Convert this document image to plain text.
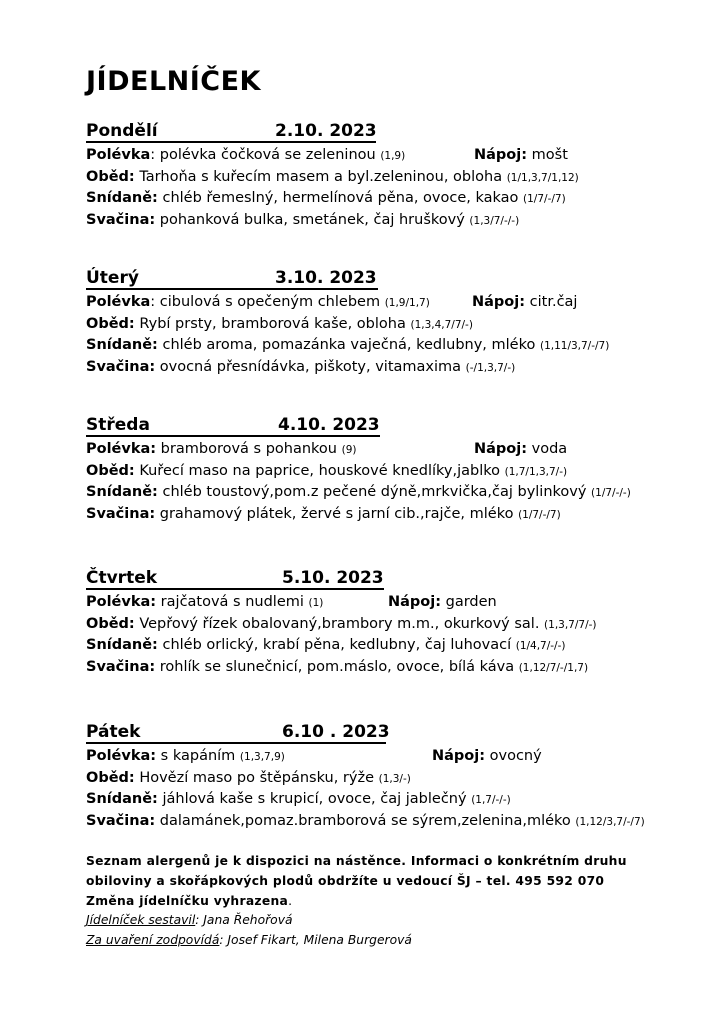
JÍDELNÍČEK
Pondělí	2.10. 2023
Polévka: polévka čočková se zeleninou (1,9)	Nápoj: mošt
Oběd: Tarhoňa s kuřecím masem a byl.zeleninou, obloha (1/1,3,7/1,12)
Snídaně: chléb řemeslný, hermelínová pěna, ovoce, kakao (1/7/-/7)
Svačina: pohanková bulka, smetánek, čaj hruškový (1,3/7/-/-)
Úterý	3.10. 2023
Polévka: cibulová s opečeným chlebem (1,9/1,7)	Nápoj: citr.čaj
Oběd: Rybí prsty, bramborová kaše, obloha (1,3,4,7/7/-)
Snídaně: chléb aroma, pomazánka vaječná, kedlubny, mléko (1,11/3,7/-/7)
Svačina: ovocná přesnídávka, piškoty, vitamaxima (-/1,3,7/-)
Středa	4.10. 2023
Polévka: bramborová s pohankou (9)	Nápoj: voda
Oběd: Kuřecí maso na paprice, houskové knedlíky,jablko (1,7/1,3,7/-)
Snídaně: chléb toustový,pom.z pečené dýně,mrkvička,čaj bylinkový (1/7/-/-)
Svačina: grahamový plátek, žervé s jarní cib.,rajče, mléko (1/7/-/7)
Čtvrtek	5.10. 2023
Polévka: rajčatová s nudlemi (1)	Nápoj: garden
Oběd: Vepřový řízek obalovaný,brambory m.m., okurkový sal. (1,3,7/7/-)
Snídaně: chléb orlický, krabí pěna, kedlubny, čaj luhovací (1/4,7/-/-)
Svačina: rohlík se slunečnicí, pom.máslo, ovoce, bílá káva (1,12/7/-/1,7)
Pátek	6.10 . 2023
Polévka: s kapáním (1,3,7,9)	Nápoj: ovocný
Oběd: Hovězí maso po štěpánsku, rýže (1,3/-)
Snídaně: jáhlová kaše s krupicí, ovoce, čaj jablečný (1,7/-/-)
Svačina: dalamánek,pomaz.bramborová se sýrem,zelenina,mléko (1,12/3,7/-/7)
Seznam alergenů je k dispozici na nástěnce. Informaci o konkrétním druhu
obiloviny a skořápkových plodů obdržíte u vedoucí ŠJ – tel. 495 592 070
Změna jídelníčku vyhrazena.
Jídelníček sestavil: Jana Řehořová
Za uvaření zodpovídá: Josef Fikart, Milena Burgerová
